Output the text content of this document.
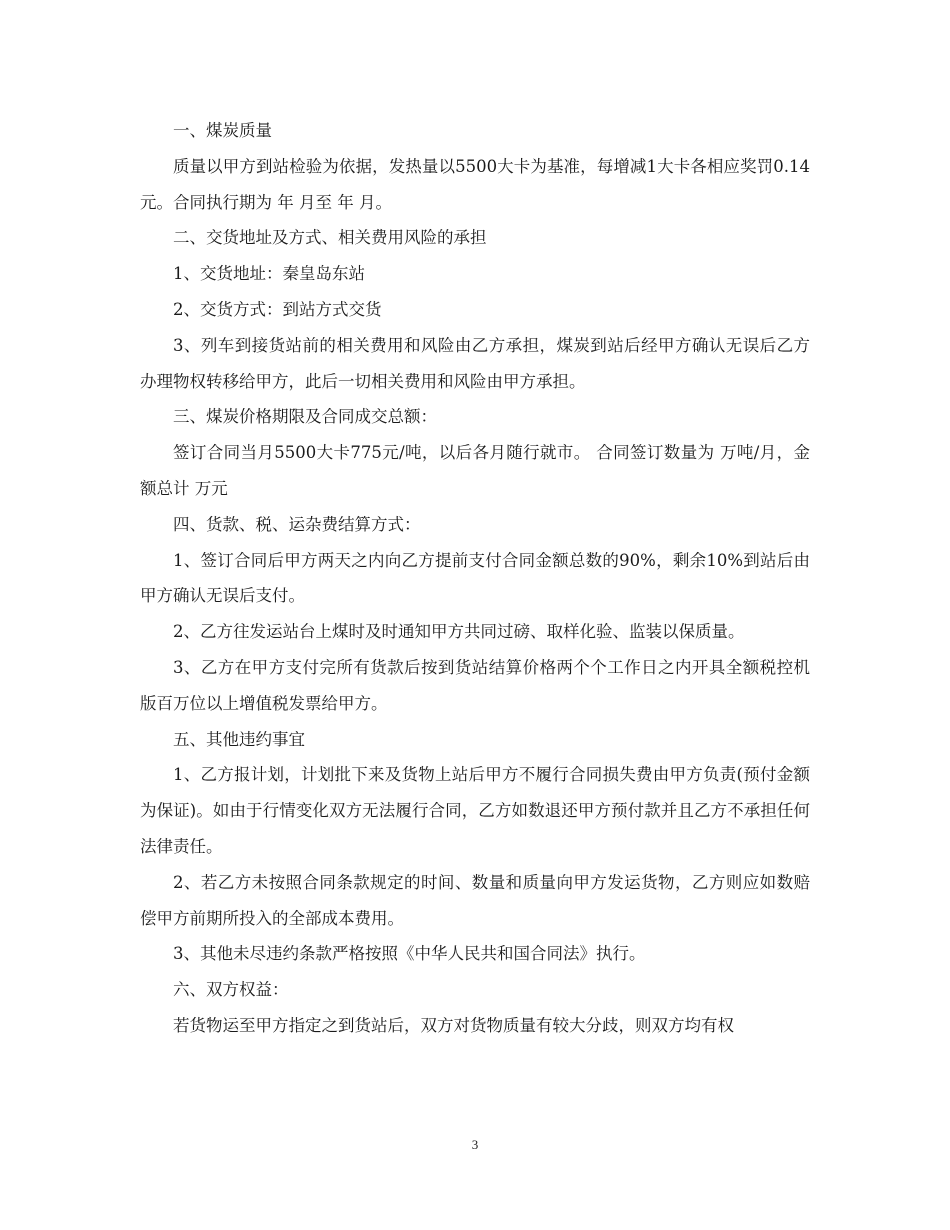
一、煤炭质量

质量以甲方到站检验为依据，发热量以5500大卡为基准，每增减1大卡各相应奖罚0.14元。合同执行期为 年 月至 年 月。

二、交货地址及方式、相关费用风险的承担

1、交货地址：秦皇岛东站

2、交货方式：到站方式交货

3、列车到接货站前的相关费用和风险由乙方承担，煤炭到站后经甲方确认无误后乙方办理物权转移给甲方，此后一切相关费用和风险由甲方承担。

三、煤炭价格期限及合同成交总额：

签订合同当月5500大卡775元/吨，以后各月随行就市。 合同签订数量为 万吨/月，金额总计 万元

四、货款、税、运杂费结算方式：

1、签订合同后甲方两天之内向乙方提前支付合同金额总数的90%，剩余10%到站后由甲方确认无误后支付。

2、乙方往发运站台上煤时及时通知甲方共同过磅、取样化验、监装以保质量。

3、乙方在甲方支付完所有货款后按到货站结算价格两个个工作日之内开具全额税控机版百万位以上增值税发票给甲方。

五、其他违约事宜

1、乙方报计划，计划批下来及货物上站后甲方不履行合同损失费由甲方负责(预付金额为保证)。如由于行情变化双方无法履行合同，乙方如数退还甲方预付款并且乙方不承担任何法律责任。

2、若乙方未按照合同条款规定的时间、数量和质量向甲方发运货物，乙方则应如数赔偿甲方前期所投入的全部成本费用。

3、其他未尽违约条款严格按照《中华人民共和国合同法》执行。

六、双方权益：

若货物运至甲方指定之到货站后，双方对货物质量有较大分歧，则双方均有权

3
